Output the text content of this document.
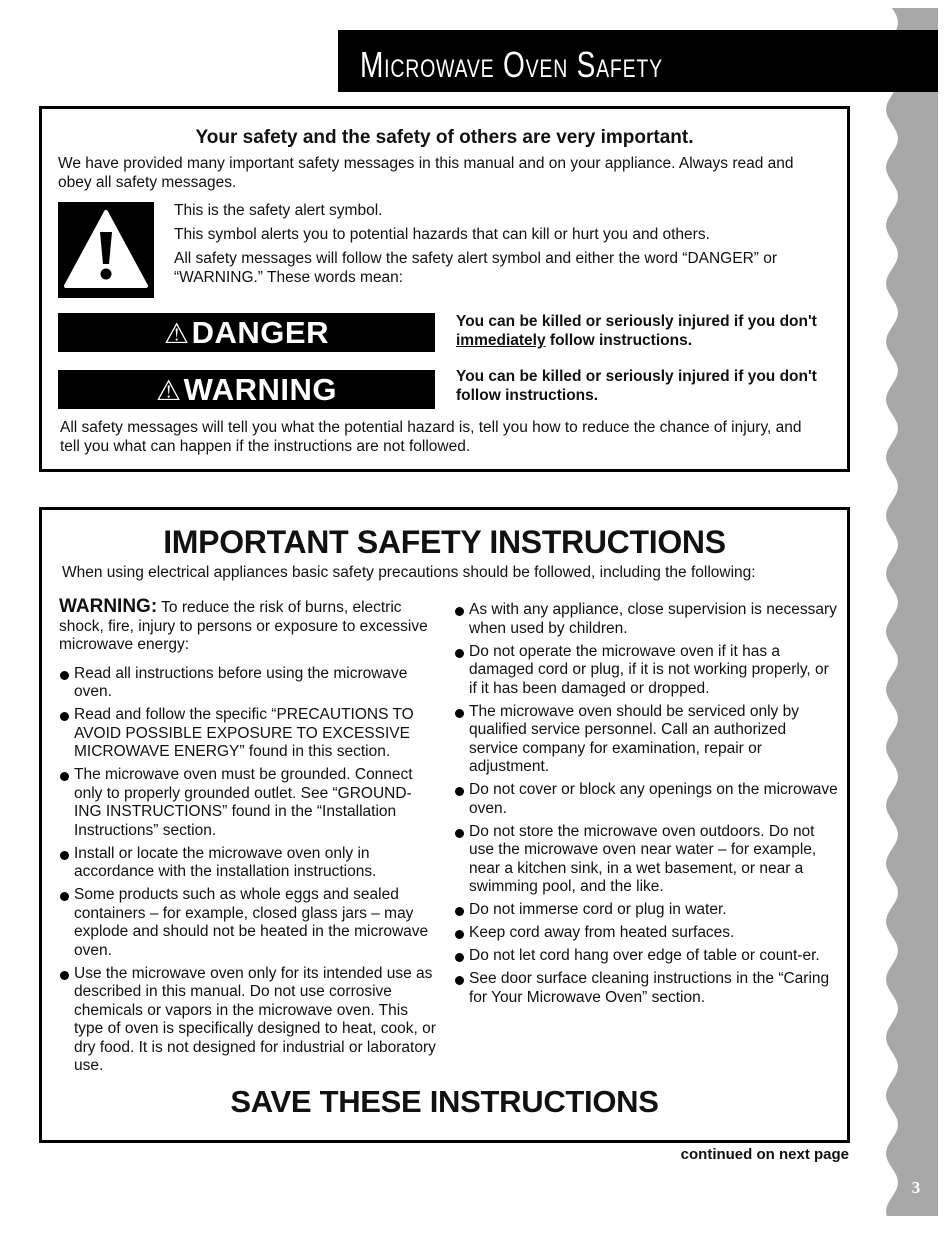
3
Microwave Oven Safety
Your safety and the safety of others are very important.
We have provided many important safety messages in this manual and on your appliance. Always read and obey all safety messages.

This is the safety alert symbol.

This symbol alerts you to potential hazards that can kill or hurt you and others.

All safety messages will follow the safety alert symbol and either the word “DANGER” or “WARNING.” These words mean:

⚠DANGER	You can be killed or seriously injured if you don't immediately follow instructions.
⚠WARNING	You can be killed or seriously injured if you don't follow instructions.
All safety messages will tell you what the potential hazard is, tell you how to reduce the chance of injury, and tell you what can happen if the instructions are not followed.
IMPORTANT SAFETY INSTRUCTIONS
When using electrical appliances basic safety precautions should be followed, including the following:

WARNING: To reduce the risk of burns, electric shock, fire, injury to persons or exposure to excessive microwave energy:

Read all instructions before using the microwave oven.
Read and follow the specific “PRECAUTIONS TO AVOID POSSIBLE EXPOSURE TO EXCESSIVE MICROWAVE ENERGY” found in this section.
The microwave oven must be grounded. Connect only to properly grounded outlet. See “GROUND-ING INSTRUCTIONS” found in the “Installation Instructions” section.
Install or locate the microwave oven only in accordance with the installation instructions.
Some products such as whole eggs and sealed containers – for example, closed glass jars – may explode and should not be heated in the microwave oven.
Use the microwave oven only for its intended use as described in this manual. Do not use corrosive chemicals or vapors in the microwave oven. This type of oven is specifically designed to heat, cook, or dry food. It is not designed for industrial or laboratory use.
As with any appliance, close supervision is necessary when used by children.
Do not operate the microwave oven if it has a damaged cord or plug, if it is not working properly, or if it has been damaged or dropped.
The microwave oven should be serviced only by qualified service personnel. Call an authorized service company for examination, repair or adjustment.
Do not cover or block any openings on the microwave oven.
Do not store the microwave oven outdoors. Do not use the microwave oven near water – for example, near a kitchen sink, in a wet basement, or near a swimming pool, and the like.
Do not immerse cord or plug in water.
Keep cord away from heated surfaces.
Do not let cord hang over edge of table or count-er.
See door surface cleaning instructions in the “Caring for Your Microwave Oven” section.
SAVE THESE INSTRUCTIONS
continued on next page
